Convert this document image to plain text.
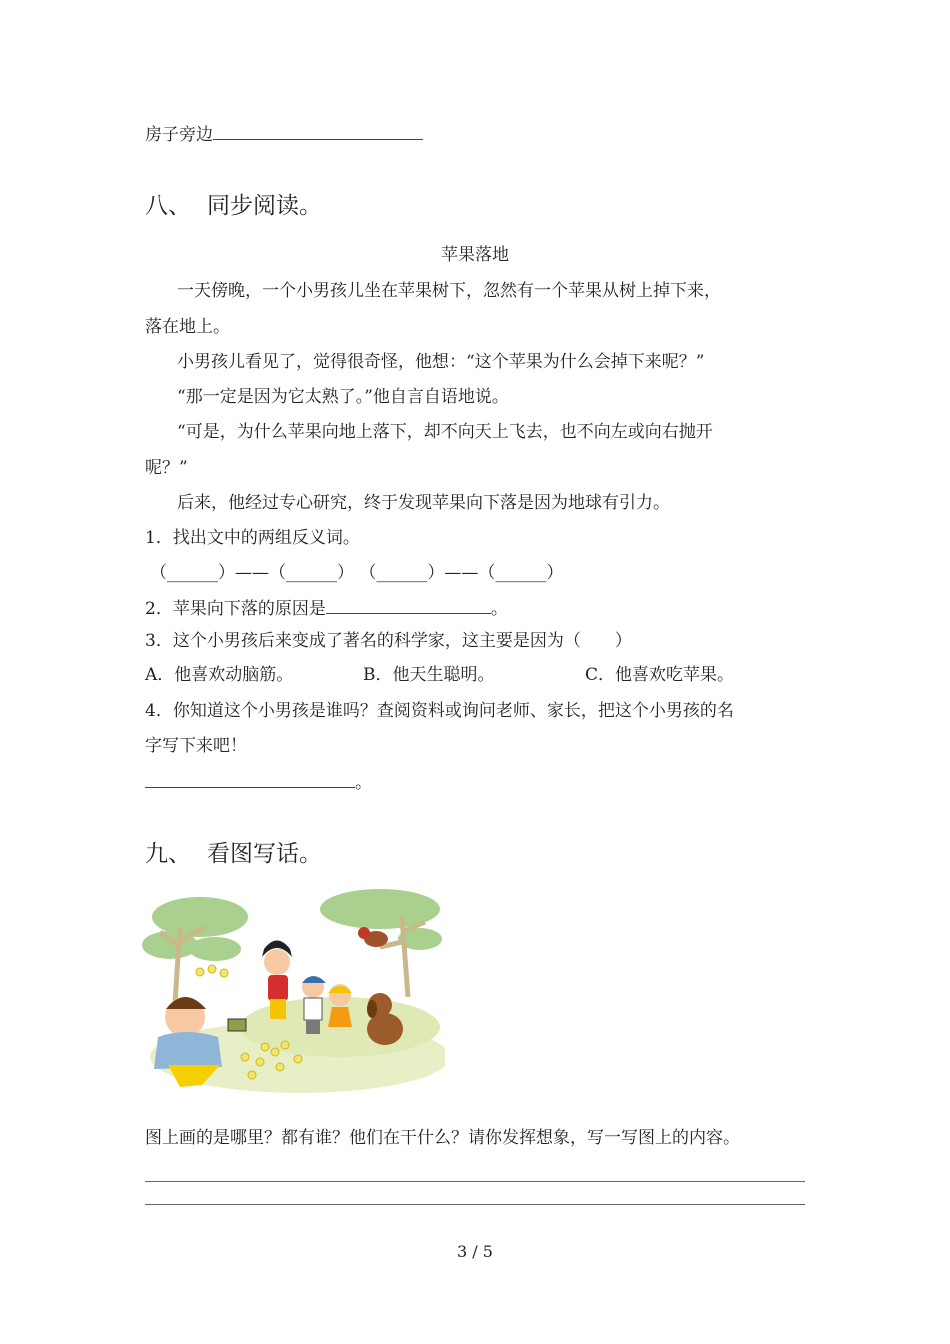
房子旁边
八、 同步阅读。
苹果落地
一天傍晚，一个小男孩儿坐在苹果树下，忽然有一个苹果从树上掉下来，
落在地上。
小男孩儿看见了，觉得很奇怪，他想：“这个苹果为什么会掉下来呢？”
“那一定是因为它太熟了。”他自言自语地说。
“可是，为什么苹果向地上落下，却不向天上飞去，也不向左或向右抛开
呢？”
后来，他经过专心研究，终于发现苹果向下落是因为地球有引力。
1．找出文中的两组反义词。
（______）——（______） （______）——（______）
2．苹果向下落的原因是	。
3．这个小男孩后来变成了著名的科学家，这主要是因为（　　）
A．他喜欢动脑筋。	B．他天生聪明。	C．他喜欢吃苹果。
4．你知道这个小男孩是谁吗？查阅资料或询问老师、家长，把这个小男孩的名
字写下来吧！
。
九、 看图写话。
图上画的是哪里？都有谁？他们在干什么？请你发挥想象，写一写图上的内容。
3 / 5
